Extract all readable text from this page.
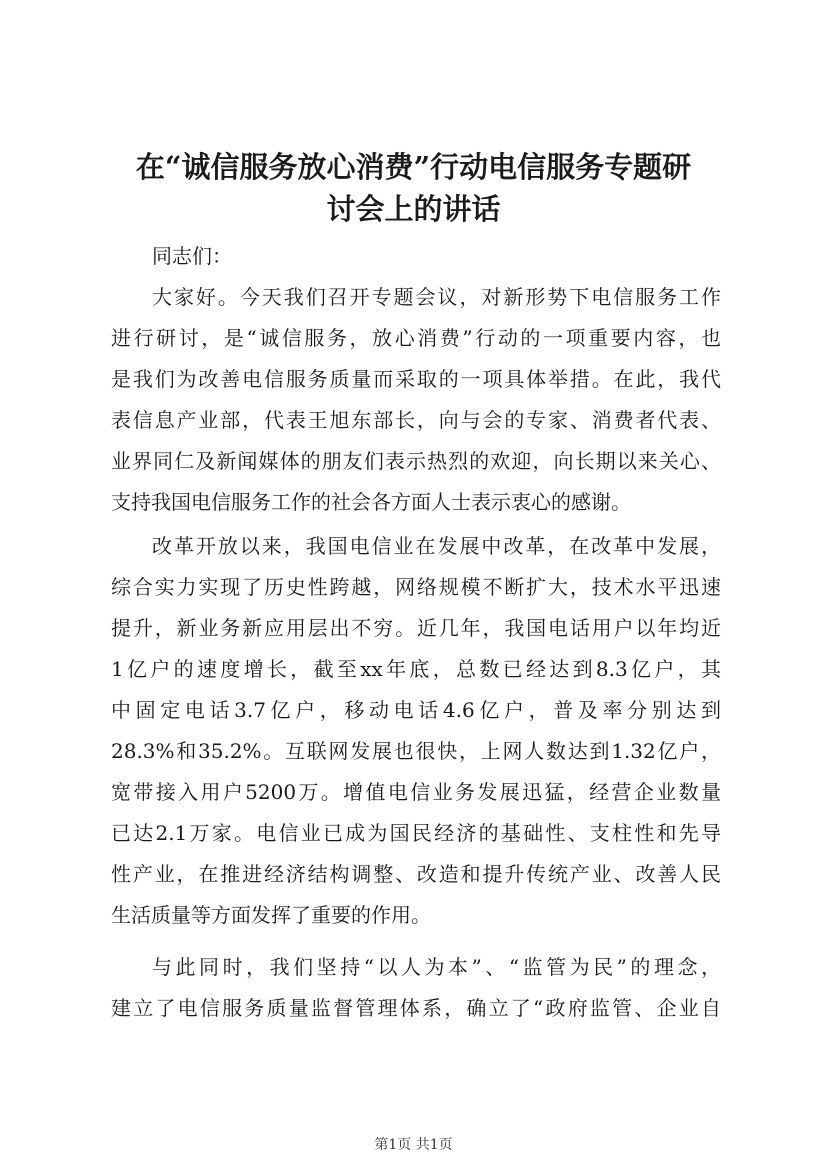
在“诚信服务放心消费”行动电信服务专题研
讨会上的讲话
同志们：
大家好。今天我们召开专题会议，对新形势下电信服务工作
进行研讨，是“诚信服务，放心消费”行动的一项重要内容，也
是我们为改善电信服务质量而采取的一项具体举措。在此，我代
表信息产业部，代表王旭东部长，向与会的专家、消费者代表、
业界同仁及新闻媒体的朋友们表示热烈的欢迎，向长期以来关心、
支持我国电信服务工作的社会各方面人士表示衷心的感谢。
改革开放以来，我国电信业在发展中改革，在改革中发展，
综合实力实现了历史性跨越，网络规模不断扩大，技术水平迅速
提升，新业务新应用层出不穷。近几年，我国电话用户以年均近
1亿户的速度增长，截至xx年底，总数已经达到8.3亿户，其
中固定电话3.7亿户，移动电话4.6亿户，普及率分别达到
28.3%和35.2%。互联网发展也很快，上网人数达到1.32亿户，
宽带接入用户5200万。增值电信业务发展迅猛，经营企业数量
已达2.1万家。电信业已成为国民经济的基础性、支柱性和先导
性产业，在推进经济结构调整、改造和提升传统产业、改善人民
生活质量等方面发挥了重要的作用。
与此同时，我们坚持“以人为本”、“监管为民”的理念，
建立了电信服务质量监督管理体系，确立了“政府监管、企业自
第1页 共1页
